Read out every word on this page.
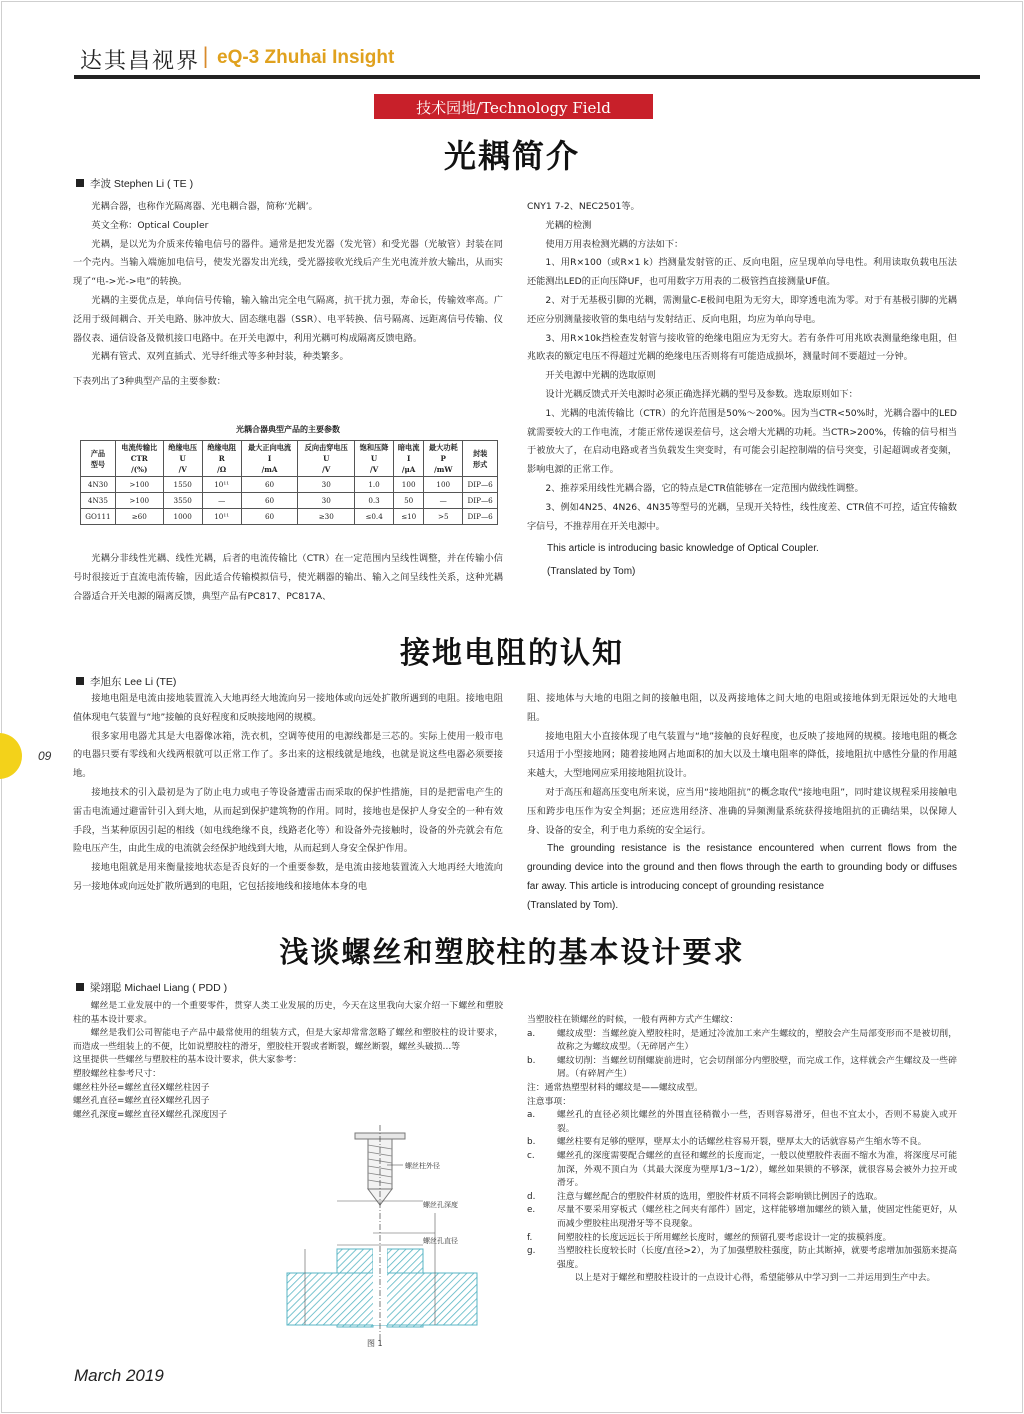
达其昌视界 | eQ-3 Zhuhai Insight
技术园地/Technology Field
光耦简介
李波 Stephen Li ( TE )

光耦合器，也称作光隔离器、光电耦合器，简称‘光耦’。

英文全称：Optical Coupler

光耦，是以光为介质来传输电信号的器件。通常是把发光器（发光管）和受光器（光敏管）封装在同一个壳内。当输入端施加电信号，使发光器发出光线，受光器接收光线后产生光电流并放大输出，从而实现了“电->光->电”的转换。

光耦的主要优点是，单向信号传输，输入输出完全电气隔离，抗干扰力强，寿命长，传输效率高。广泛用于级间耦合、开关电路、脉冲放大、固态继电器（SSR）、电平转换、信号隔离、远距离信号传输、仪器仪表、通信设备及微机接口电路中。在开关电源中，利用光耦可构成隔离反馈电路。

光耦有管式、双列直插式、光导纤维式等多种封装，种类繁多。

下表列出了3种典型产品的主要参数：

光耦合器典型产品的主要参数
产品
型号	电流传输比
CTR
/(%)	绝缘电压
U
/V	绝缘电阻
R
/Ω	最大正向电流
I
/mA	反向击穿电压
U
/V	饱和压降
U
/V	暗电流
I
/μA	最大功耗
P
/mW	封装
形式
4N30	>100	1550	10¹¹	60	30	1.0	100	100	DIP—6
4N35	>100	3550	—	60	30	0.3	50	—	DIP—6
GO111	≥60	1000	10¹¹	60	≥30	≤0.4	≤10	>5	DIP—6

光耦分非线性光耦、线性光耦，后者的电流传输比（CTR）在一定范围内呈线性调整，并在传输小信号时很接近于直流电流传输，因此适合传输模拟信号，使光耦器的输出、输入之间呈线性关系，这种光耦合器适合开关电源的隔离反馈，典型产品有PC817、PC817A、

CNY1 7-2、NEC2501等。

光耦的检测

使用万用表检测光耦的方法如下：

1、用R×100（或R×1 k）挡测量发射管的正、反向电阻，应呈现单向导电性。利用读取负载电压法还能测出LED的正向压降UF，也可用数字万用表的二极管挡直接测量UF值。

2、对于无基极引脚的光耦，需测量C-E极间电阻为无穷大，即穿透电流为零。对于有基极引脚的光耦还应分别测量接收管的集电结与发射结正、反向电阻，均应为单向导电。

3、用R×10k挡检查发射管与接收管的绝缘电阻应为无穷大。若有条件可用兆欧表测量绝缘电阻，但兆欧表的额定电压不得超过光耦的绝缘电压否则将有可能造成损坏，测量时间不要超过一分钟。

开关电源中光耦的选取原则

设计光耦反馈式开关电源时必须正确选择光耦的型号及参数。选取原则如下：

1、光耦的电流传输比（CTR）的允许范围是50%～200%。因为当CTR<50%时，光耦合器中的LED就需要较大的工作电流，才能正常传递误差信号，这会增大光耦的功耗。当CTR>200%，传输的信号相当于被放大了，在启动电路或者当负载发生突变时，有可能会引起控制端的信号突变，引起超调或者变频，影响电源的正常工作。

2、推荐采用线性光耦合器，它的特点是CTR值能够在一定范围内做线性调整。

3、例如4N25、4N26、4N35等型号的光耦，呈现开关特性，线性度差、CTR值不可控，适宜传输数字信号，不推荐用在开关电源中。

This article is introducing basic knowledge of Optical Coupler.

(Translated by Tom)

接地电阻的认知
李旭东 Lee Li (TE)

接地电阻是电流由接地装置流入大地再经大地流向另一接地体或向远处扩散所遇到的电阻。接地电阻值体现电气装置与“地”接触的良好程度和反映接地网的规模。

很多家用电器尤其是大电器像冰箱，洗衣机，空调等使用的电源线都是三芯的。实际上使用一般市电的电器只要有零线和火线两根就可以正常工作了。多出来的这根线就是地线，也就是说这些电器必须要接地。

接地技术的引入最初是为了防止电力或电子等设备遭雷击而采取的保护性措施，目的是把雷电产生的雷击电流通过避雷针引入到大地，从而起到保护建筑物的作用。同时，接地也是保护人身安全的一种有效手段，当某种原因引起的相线（如电线绝缘不良，线路老化等）和设备外壳接触时，设备的外壳就会有危险电压产生，由此生成的电流就会经保护地线到大地，从而起到人身安全保护作用。

接地电阻就是用来衡量接地状态是否良好的一个重要参数，是电流由接地装置流入大地再经大地流向另一接地体或向远处扩散所遇到的电阻，它包括接地线和接地体本身的电

阻、接地体与大地的电阻之间的接触电阻，以及两接地体之间大地的电阻或接地体到无限远处的大地电阻。

接地电阻大小直接体现了电气装置与“地”接触的良好程度，也反映了接地网的规模。接地电阻的概念只适用于小型接地网；随着接地网占地面积的加大以及土壤电阻率的降低，接地阻抗中感性分量的作用越来越大，大型地网应采用接地阻抗设计。

对于高压和超高压变电所来说，应当用“接地阻抗”的概念取代“接地电阻”，同时建议规程采用接触电压和跨步电压作为安全判据；还应选用经济、准确的异频测量系统获得接地阻抗的正确结果，以保障人身、设备的安全，利于电力系统的安全运行。

The grounding resistance is the resistance encountered when current flows from the grounding device into the ground and then flows through the earth to grounding body or diffuses far away. This article is introducing concept of grounding resistance

(Translated by Tom).

09
浅谈螺丝和塑胶柱的基本设计要求
梁翊聪 Michael Liang ( PDD )

螺丝是工业发展中的一个重要零件，贯穿人类工业发展的历史，今天在这里我向大家介绍一下螺丝和塑胶柱的基本设计要求。

螺丝是我们公司智能电子产品中最常使用的组装方式，但是大家却常常忽略了螺丝和塑胶柱的设计要求，而造成一些组装上的不便，比如说塑胶柱的滑牙，塑胶柱开裂或者断裂，螺丝断裂，螺丝头破损…等

这里提供一些螺丝与塑胶柱的基本设计要求，供大家参考：

塑胶螺丝柱参考尺寸：

螺丝柱外径=螺丝直径X螺丝柱因子

螺丝孔直径=螺丝直径X螺丝孔因子

螺丝孔深度=螺丝直径X螺丝孔深度因子

螺丝柱外径
螺丝孔深度
螺丝孔直径
图 1

当塑胶柱在锁螺丝的时候，一般有两种方式产生螺纹：

a. 螺纹成型：当螺丝旋入塑胶柱时，是通过冷流加工来产生螺纹的，塑胶会产生局部变形而不是被切削，故称之为螺纹成型。（无碎屑产生）

b. 螺纹切削：当螺丝切削螺旋前进时，它会切削部分内塑胶壁，而完成工作，这样就会产生螺纹及一些碎屑。（有碎屑产生）

注：通常热塑型材料的螺纹是——螺纹成型。

注意事项：

a. 螺丝孔的直径必须比螺丝的外围直径稍微小一些，否则容易滑牙，但也不宜太小，否则不易旋入或开裂。

b. 螺丝柱要有足够的壁厚，壁厚太小的话螺丝柱容易开裂，壁厚太大的话就容易产生缩水等不良。

c.	螺丝孔的深度需要配合螺丝的直径和螺丝的长度而定，一般以使塑胶件表面不缩水为准，将深度尽可能加深，外观不顶白为（其最大深度为壁厚1/3~1/2），螺丝如果锁的不够深，就很容易会被外力拉开或滑牙。

d. 注意与螺丝配合的塑胶件材质的选用，塑胶件材质不同将会影响锁比例因子的选取。

e. 尽量不要采用穿板式（螺丝柱之间夹有部件）固定，这样能够增加螺丝的锁入量，使固定性能更好，从而减少塑胶柱出现滑牙等不良现象。

f.	间塑胶柱的长度远远长于所用螺丝长度时，螺丝的预留孔要考虑设计一定的拔模斜度。

g. 当塑胶柱长度较长时（长度/直径>2），为了加强塑胶柱强度，防止其断掉，就要考虑增加加强筋来提高强度。

以上是对于螺丝和塑胶柱设计的一点设计心得，希望能够从中学习到一二并运用到生产中去。

March 2019
